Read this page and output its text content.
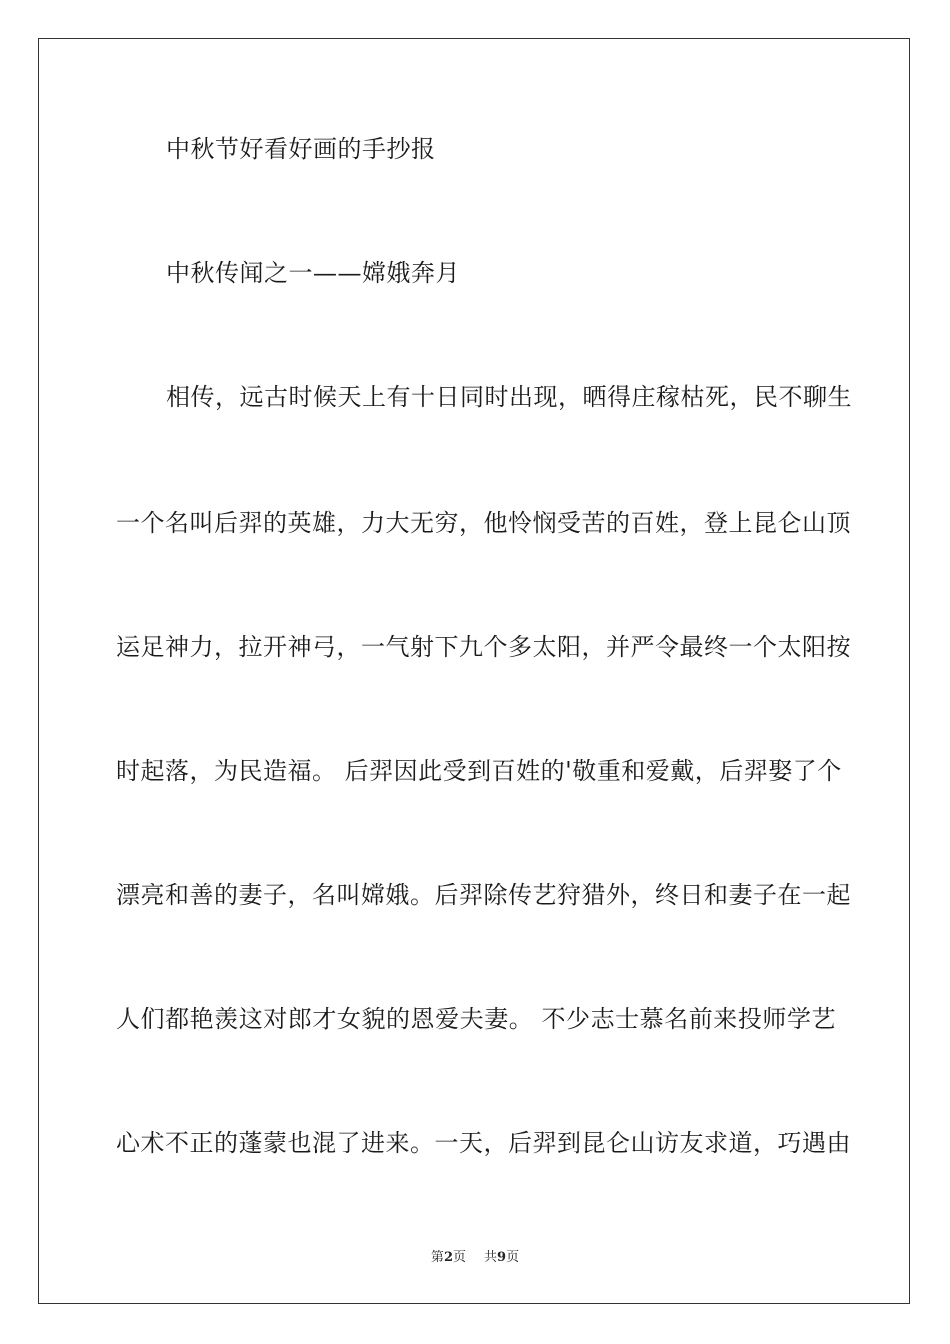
中秋节好看好画的手抄报
中秋传闻之一——嫦娥奔月
相传，远古时候天上有十日同时出现，晒得庄稼枯死，民不聊生
一个名叫后羿的英雄，力大无穷，他怜悯受苦的百姓，登上昆仑山顶
运足神力，拉开神弓，一气射下九个多太阳，并严令最终一个太阳按
时起落，为民造福。 后羿因此受到百姓的'敬重和爱戴，后羿娶了个
漂亮和善的妻子，名叫嫦娥。后羿除传艺狩猎外，终日和妻子在一起
人们都艳羡这对郎才女貌的恩爱夫妻。 不少志士慕名前来投师学艺
心术不正的蓬蒙也混了进来。一天，后羿到昆仑山访友求道，巧遇由
第2页 共9页
